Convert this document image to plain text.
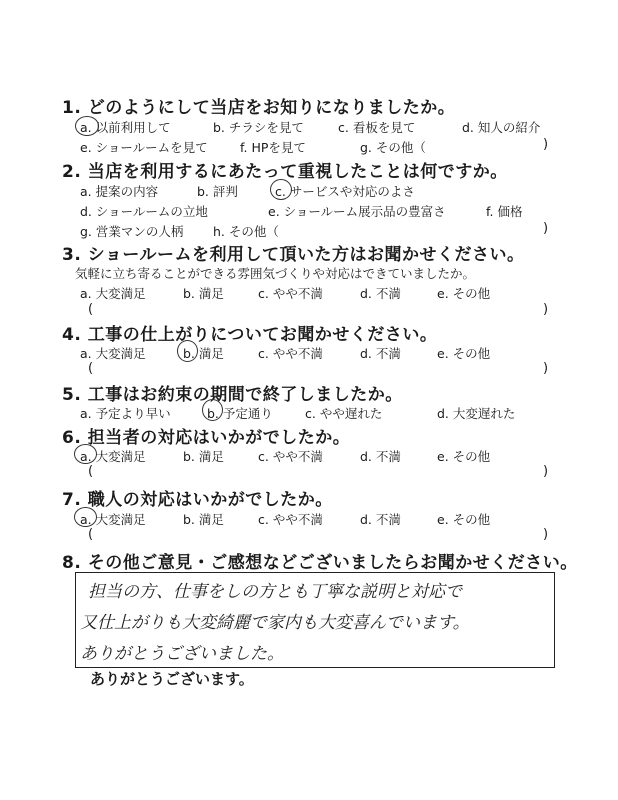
1. どのようにして当店をお知りになりましたか。
a. 以前利用して	b. チラシを見て	c. 看板を見て	d. 知人の紹介
e. ショールームを見て	f. HPを見て	g. その他（	)
2. 当店を利用するにあたって重視したことは何ですか。
a. 提案の内容	b. 評判	c. サービスや対応のよさ
d. ショールームの立地	e. ショールーム展示品の豊富さ	f. 価格
g. 営業マンの人柄 h. その他（	)
3. ショールームを利用して頂いた方はお聞かせください。
気軽に立ち寄ることができる雰囲気づくりや対応はできていましたか。
a. 大変満足	b. 満足	c. やや不満	d. 不満	e. その他
(	)
4. 工事の仕上がりについてお聞かせください。
a. 大変満足	b. 満足	c. やや不満	d. 不満	e. その他
(	)
5. 工事はお約束の期間で終了しましたか。
a. 予定より早い	b. 予定通り	c. やや遅れた	d. 大変遅れた
6. 担当者の対応はいかがでしたか。
a. 大変満足	b. 満足	c. やや不満	d. 不満	e. その他
(	)
7. 職人の対応はいかがでしたか。
a. 大変満足	b. 満足	c. やや不満	d. 不満	e. その他
(	)
8. その他ご意見・ご感想などございましたらお聞かせください。
担当の方、仕事をしの方とも丁寧な説明と対応で
又仕上がりも大変綺麗で家内も大変喜んでいます。
ありがとうございました。
ありがとうございます。
